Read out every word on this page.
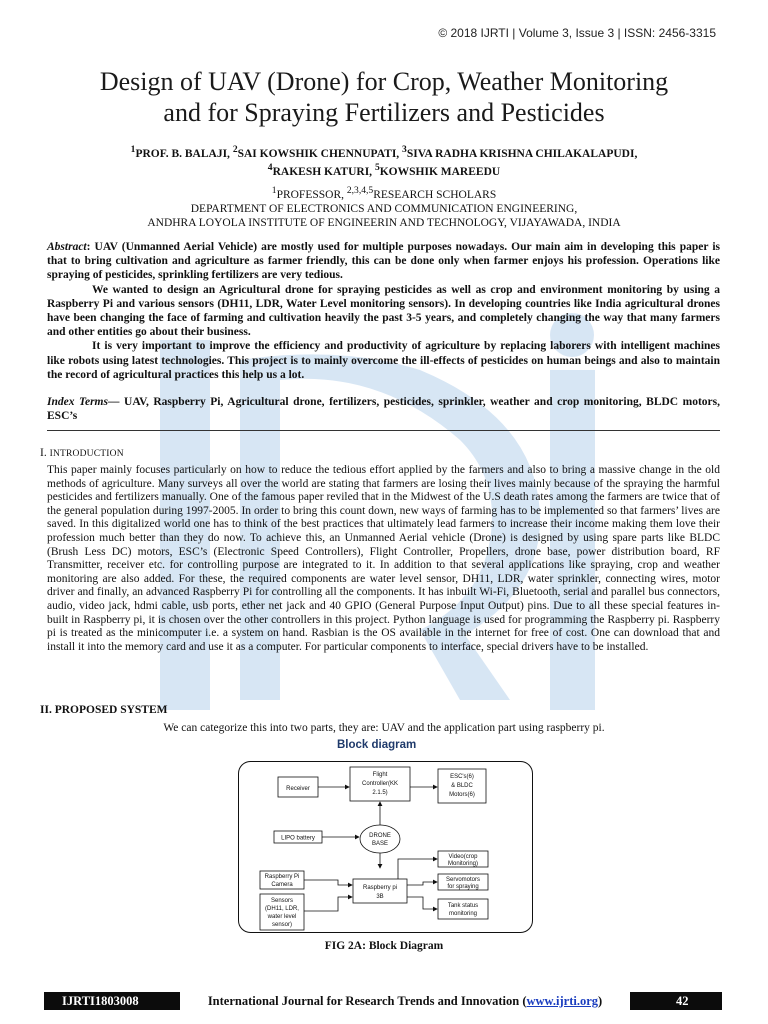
© 2018 IJRTI | Volume 3, Issue 3 | ISSN: 2456-3315
Design of UAV (Drone) for Crop, Weather Monitoring
and for Spraying Fertilizers and Pesticides
$^1$PROF. B. BALAJI, $^2$SAI KOWSHIK CHENNUPATI, $^3$SIVA RADHA KRISHNA CHILAKALAPUDI,
$^4$RAKESH KATURI, $^5$KOWSHIK MAREEDU
$^1$PROFESSOR, $^{2,3,4,5}$RESEARCH SCHOLARS
DEPARTMENT OF ELECTRONICS AND COMMUNICATION ENGINEERING,
ANDHRA LOYOLA INSTITUTE OF ENGINEERIN AND TECHNOLOGY, VIJAYAWADA, INDIA

Abstract: UAV (Unmanned Aerial Vehicle) are mostly used for multiple purposes nowadays. Our main aim in developing this paper is that to bring cultivation and agriculture as farmer friendly, this can be done only when farmer enjoys his profession. Operations like spraying of pesticides, sprinkling fertilizers are very tedious.

We wanted to design an Agricultural drone for spraying pesticides as well as crop and environment monitoring by using a Raspberry Pi and various sensors (DH11, LDR, Water Level monitoring sensors). In developing countries like India agricultural drones have been changing the face of farming and cultivation heavily the past 3-5 years, and completely changing the way that many farmers and other entities go about their business.

It is very important to improve the efficiency and productivity of agriculture by replacing laborers with intelligent machines like robots using latest technologies. This project is to mainly overcome the ill-effects of pesticides on human beings and also to maintain the record of agricultural practices this help us a lot.

Index Terms— UAV, Raspberry Pi, Agricultural drone, fertilizers, pesticides, sprinkler, weather and crop monitoring, BLDC motors, ESC’s
I. INTRODUCTION

This paper mainly focuses particularly on how to reduce the tedious effort applied by the farmers and also to bring a massive change in the old methods of agriculture. Many surveys all over the world are stating that farmers are losing their lives mainly because of the spraying the harmful pesticides and fertilizers manually. One of the famous paper reviled that in the Midwest of the U.S death rates among the farmers are twice that of the general population during 1997-2005. In order to bring this count down, new ways of farming has to be implemented so that farmers’ lives are saved. In this digitalized world one has to think of the best practices that ultimately lead farmers to increase their income making them love their profession much better than they do now. To achieve this, an Unmanned Aerial vehicle (Drone) is designed by using spare parts like BLDC (Brush Less DC) motors, ESC’s (Electronic Speed Controllers), Flight Controller, Propellers, drone base, power distribution board, RF Transmitter, receiver etc. for controlling purpose are integrated to it. In addition to that several applications like spraying, crop and weather monitoring are also added. For these, the required components are water level sensor, DH11, LDR, water sprinkler, connecting wires, motor driver and finally, an advanced Raspberry Pi for controlling all the components. It has inbuilt Wi-Fi, Bluetooth, serial and parallel bus connectors, audio, video jack, hdmi cable, usb ports, ether net jack and 40 GPIO (General Purpose Input Output) pins. Due to all these special features in-built in Raspberry pi, it is chosen over the other controllers in this project. Python language is used for programming the Raspberry pi. Raspberry pi is treated as the minicomputer i.e. a system on hand. Rasbian is the OS available in the internet for free of cost. One can download that and install it into the memory card and use it as a computer. For particular components to interface, special drivers have to be installed.

II. PROPOSED SYSTEM
We can categorize this into two parts, they are: UAV and the application part using raspberry pi.
Block diagram
Receiver
Flight
Controller(KK
2.1.5)
ESC's(6)
& BLDC
Motors(6)
LIPO battery	DRONE
BASE
Video(crop
Monitoring)
Servomotors
for spraying
Raspberry Pi
Camera	Raspberry pi
3B
Sensors
(DH11, LDR,
water level
sensor)
Tank status
monitoring
FIG 2A: Block Diagram
IJRTI1803008	International Journal for Research Trends and Innovation (www.ijrti.org)	42
